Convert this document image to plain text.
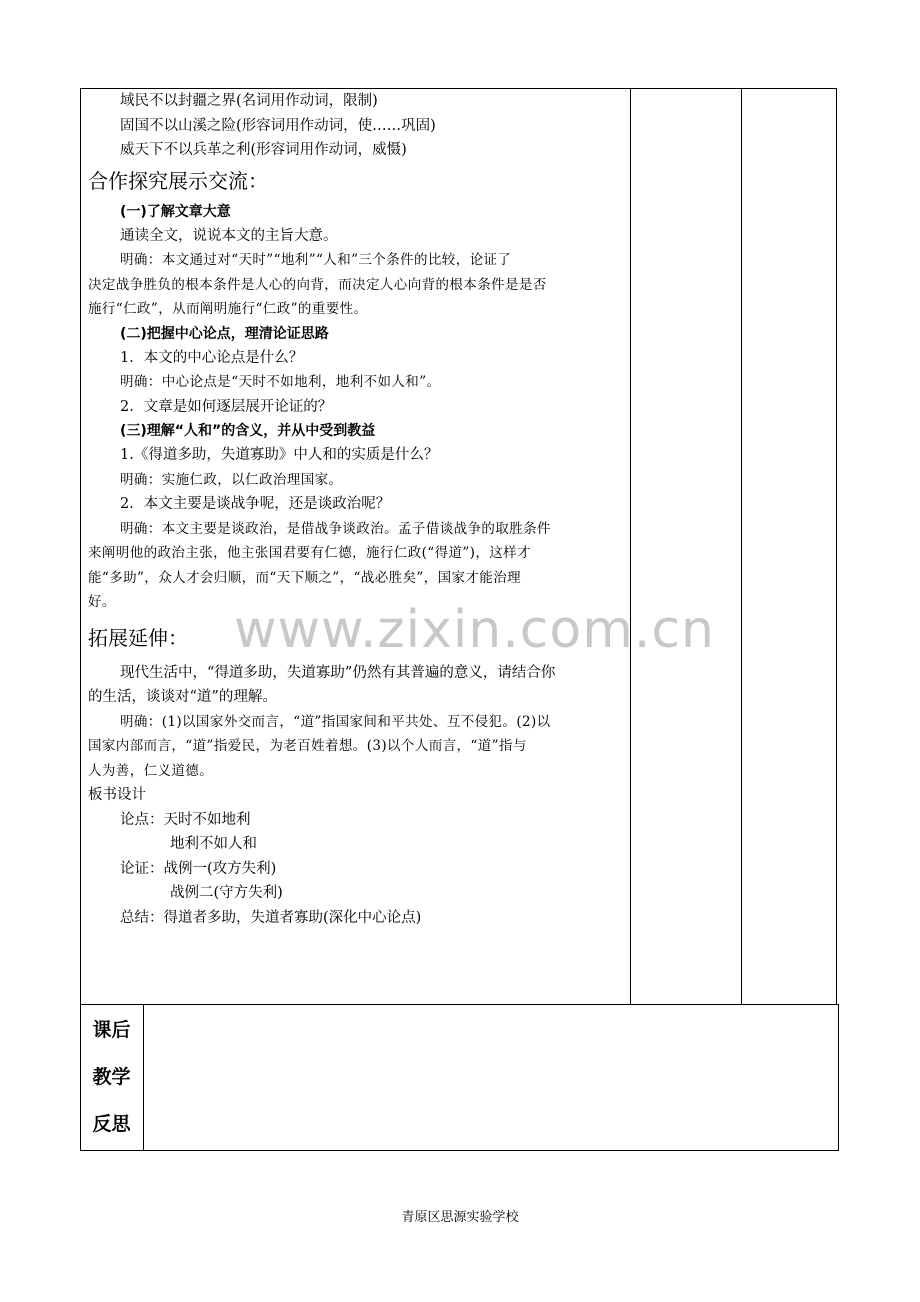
www.zixin.com.cn
域民不以封疆之界(名词用作动词，限制)
固国不以山溪之险(形容词用作动词，使……巩固)
威天下不以兵革之利(形容词用作动词，威慑)
合作探究展示交流：
(一)了解文章大意
通读全文，说说本文的主旨大意。
明确：本文通过对“天时”“地利”“人和”三个条件的比较，论证了
决定战争胜负的根本条件是人心的向背，而决定人心向背的根本条件是是否
施行“仁政”，从而阐明施行“仁政”的重要性。
(二)把握中心论点，理清论证思路
1．本文的中心论点是什么？
明确：中心论点是“天时不如地利，地利不如人和”。
2．文章是如何逐层展开论证的？
(三)理解“人和”的含义，并从中受到教益
1.《得道多助，失道寡助》中人和的实质是什么？
明确：实施仁政，以仁政治理国家。
2．本文主要是谈战争呢，还是谈政治呢？
明确：本文主要是谈政治，是借战争谈政治。孟子借谈战争的取胜条件
来阐明他的政治主张，他主张国君要有仁德，施行仁政(“得道”)，这样才
能“多助”，众人才会归顺，而“天下顺之”，“战必胜矣”，国家才能治理
好。
拓展延伸：
现代生活中，“得道多助，失道寡助”仍然有其普遍的意义，请结合你
的生活，谈谈对“道”的理解。
明确：(1)以国家外交而言，“道”指国家间和平共处、互不侵犯。(2)以
国家内部而言，“道”指爱民，为老百姓着想。(3)以个人而言，“道”指与
人为善，仁义道德。
板书设计
论点：天时不如地利
地利不如人和
论证：战例一(攻方失利)
战例二(守方失利)
总结：得道者多助，失道者寡助(深化中心论点)
课后
教学
反思
青原区思源实验学校
